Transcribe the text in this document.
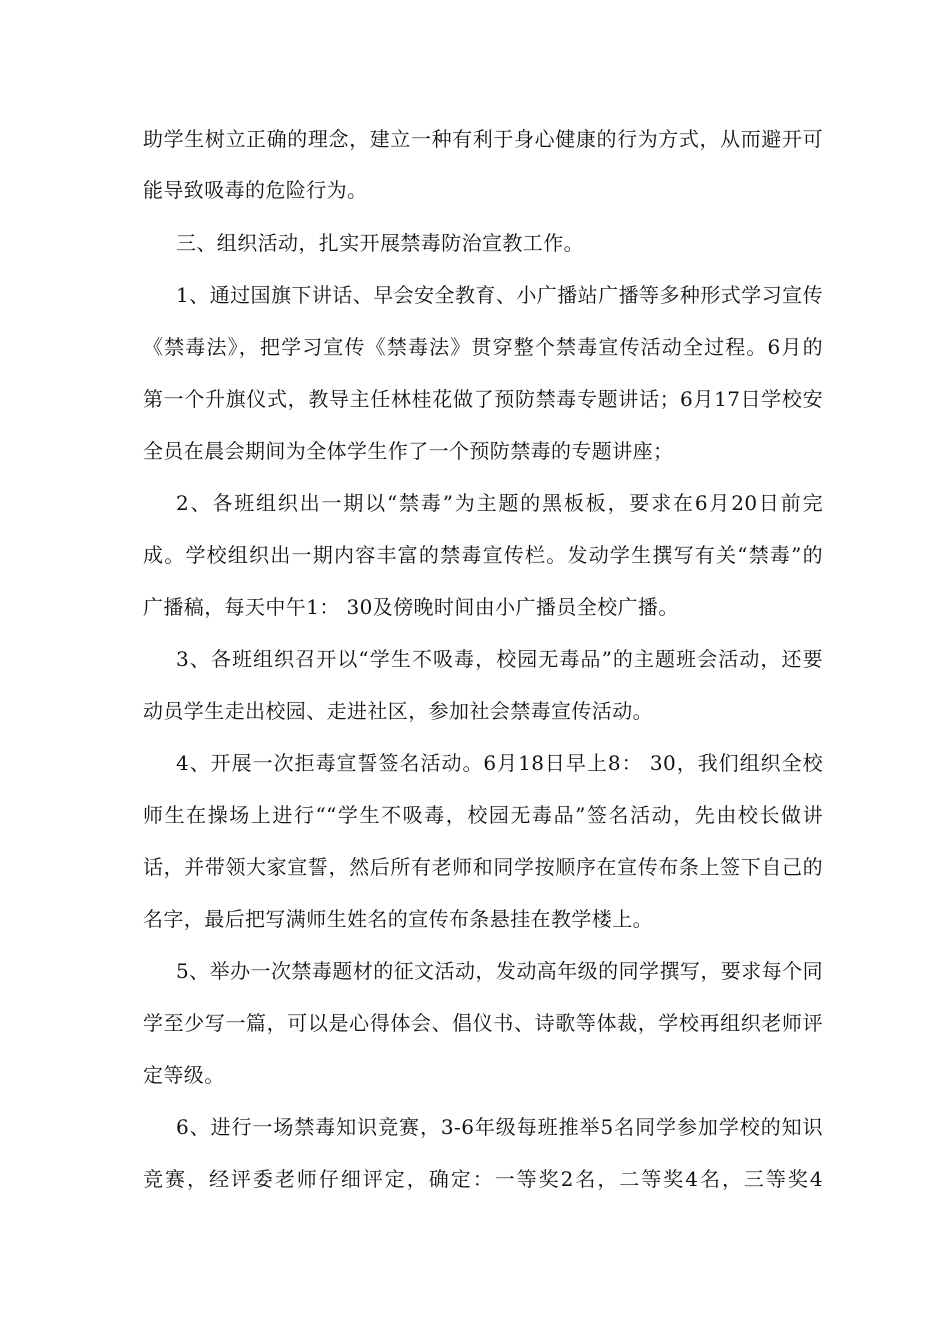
助学生树立正确的理念，建立一种有利于身心健康的行为方式，从而避开可
能导致吸毒的危险行为。
三、组织活动，扎实开展禁毒防治宣教工作。
1、通过国旗下讲话、早会安全教育、小广播站广播等多种形式学习宣传
《禁毒法》，把学习宣传《禁毒法》贯穿整个禁毒宣传活动全过程。6月的
第一个升旗仪式，教导主任林桂花做了预防禁毒专题讲话；6月17日学校安
全员在晨会期间为全体学生作了一个预防禁毒的专题讲座；
2、各班组织出一期以“禁毒”为主题的黑板板，要求在6月20日前完
成。学校组织出一期内容丰富的禁毒宣传栏。发动学生撰写有关“禁毒”的
广播稿，每天中午1： 30及傍晚时间由小广播员全校广播。
3、各班组织召开以“学生不吸毒，校园无毒品”的主题班会活动，还要
动员学生走出校园、走进社区，参加社会禁毒宣传活动。
4、开展一次拒毒宣誓签名活动。6月18日早上8： 30，我们组织全校
师生在操场上进行““学生不吸毒，校园无毒品”签名活动，先由校长做讲
话，并带领大家宣誓，然后所有老师和同学按顺序在宣传布条上签下自己的
名字，最后把写满师生姓名的宣传布条悬挂在教学楼上。
5、举办一次禁毒题材的征文活动，发动高年级的同学撰写，要求每个同
学至少写一篇，可以是心得体会、倡仪书、诗歌等体裁，学校再组织老师评
定等级。
6、进行一场禁毒知识竞赛，3-6年级每班推举5名同学参加学校的知识
竞赛，经评委老师仔细评定，确定：一等奖2名，二等奖4名，三等奖4
